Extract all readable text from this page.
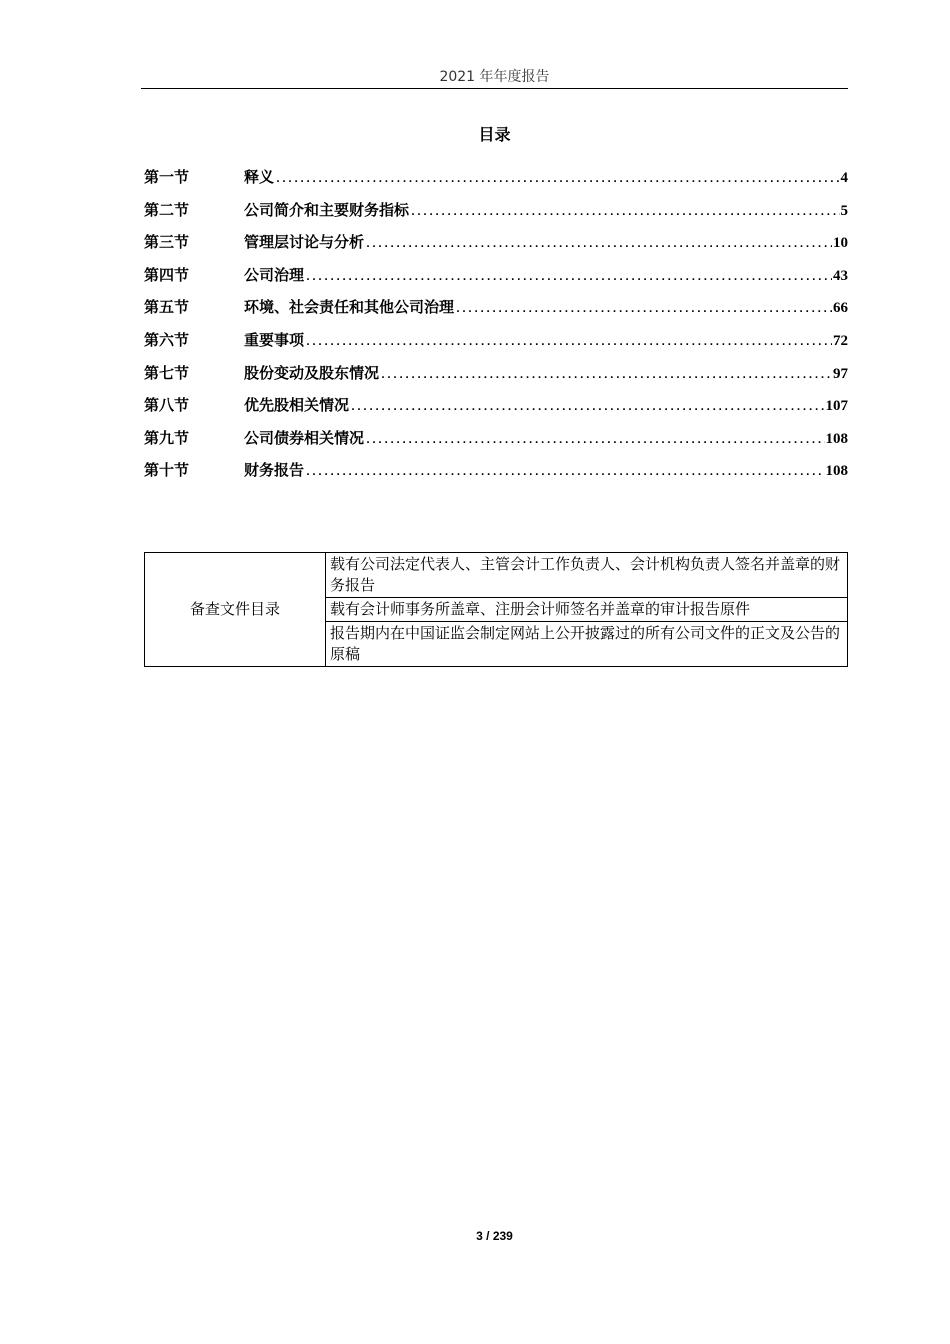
2021 年年度报告
目录
第一节	释义 .....	4
第二节	公司简介和主要财务指标 .....	5
第三节	管理层讨论与分析 .....	10
第四节	公司治理 .....	43
第五节	环境、社会责任和其他公司治理 .....	66
第六节	重要事项 .....	72
第七节	股份变动及股东情况 .....	97
第八节	优先股相关情况 .....	107
第九节	公司债券相关情况 .....	108
第十节	财务报告 .....	108
备查文件目录	载有公司法定代表人、主管会计工作负责人、会计机构负责人签名并盖章的财务报告
载有会计师事务所盖章、注册会计师签名并盖章的审计报告原件
报告期内在中国证监会制定网站上公开披露过的所有公司文件的正文及公告的原稿
3 / 239
